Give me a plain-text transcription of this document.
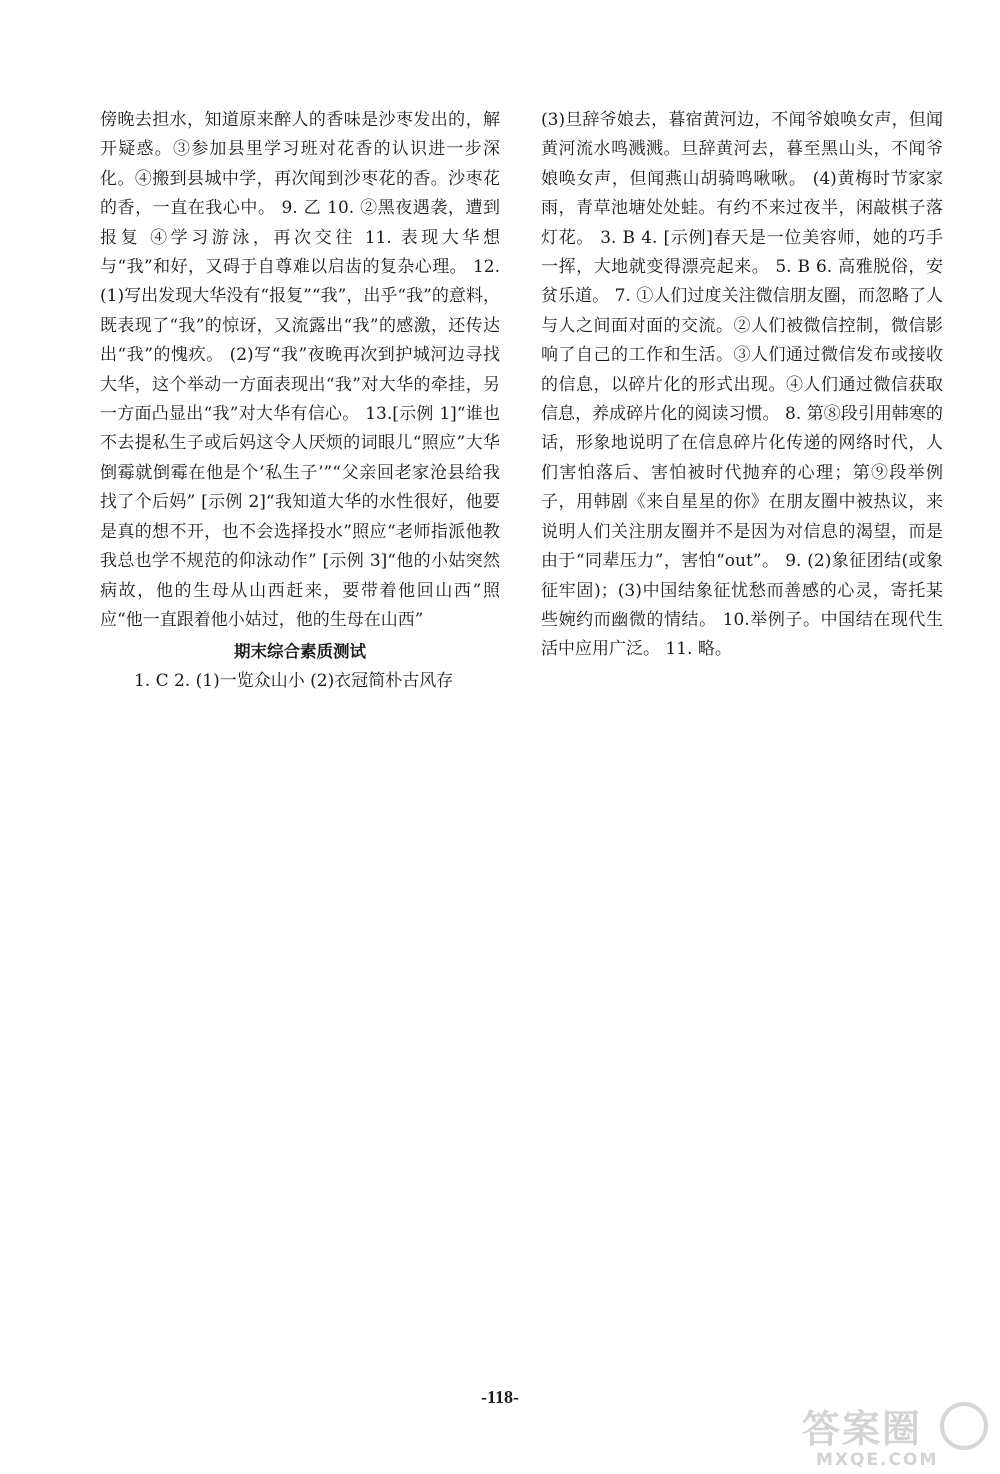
傍晚去担水，知道原来醉人的香味是沙枣发出的，解开疑惑。③参加县里学习班对花香的认识进一步深化。④搬到县城中学，再次闻到沙枣花的香。沙枣花的香，一直在我心中。 9. 乙 10. ②黑夜遇袭，遭到报复 ④学习游泳，再次交往 11. 表现大华想与“我”和好，又碍于自尊难以启齿的复杂心理。 12. (1)写出发现大华没有“报复”“我”，出乎“我”的意料，既表现了“我”的惊讶，又流露出“我”的感激，还传达出“我”的愧疚。 (2)写“我”夜晚再次到护城河边寻找大华，这个举动一方面表现出“我”对大华的牵挂，另一方面凸显出“我”对大华有信心。 13.[示例 1]“谁也不去提私生子或后妈这令人厌烦的词眼儿“照应”大华倒霉就倒霉在他是个‘私生子’”“父亲回老家沧县给我找了个后妈” [示例 2]“我知道大华的水性很好，他要是真的想不开，也不会选择投水”照应“老师指派他教我总也学不规范的仰泳动作” [示例 3]“他的小姑突然病故，他的生母从山西赶来，要带着他回山西”照应“他一直跟着他小姑过，他的生母在山西”

期末综合素质测试

1. C 2. (1)一览众山小 (2)衣冠简朴古风存

(3)旦辞爷娘去，暮宿黄河边，不闻爷娘唤女声，但闻黄河流水鸣溅溅。旦辞黄河去，暮至黑山头，不闻爷娘唤女声，但闻燕山胡骑鸣啾啾。 (4)黄梅时节家家雨，青草池塘处处蛙。有约不来过夜半，闲敲棋子落灯花。 3. B 4. [示例]春天是一位美容师，她的巧手一挥，大地就变得漂亮起来。 5. B 6. 高雅脱俗，安贫乐道。 7. ①人们过度关注微信朋友圈，而忽略了人与人之间面对面的交流。②人们被微信控制，微信影响了自己的工作和生活。③人们通过微信发布或接收的信息，以碎片化的形式出现。④人们通过微信获取信息，养成碎片化的阅读习惯。 8. 第⑧段引用韩寒的话，形象地说明了在信息碎片化传递的网络时代，人们害怕落后、害怕被时代抛弃的心理；第⑨段举例子，用韩剧《来自星星的你》在朋友圈中被热议，来说明人们关注朋友圈并不是因为对信息的渴望，而是由于“同辈压力”，害怕“out”。 9. (2)象征团结(或象征牢固)；(3)中国结象征忧愁而善感的心灵，寄托某些婉约而幽微的情结。 10.举例子。中国结在现代生活中应用广泛。 11. 略。

-118-
答案圈
MXQE.COM
